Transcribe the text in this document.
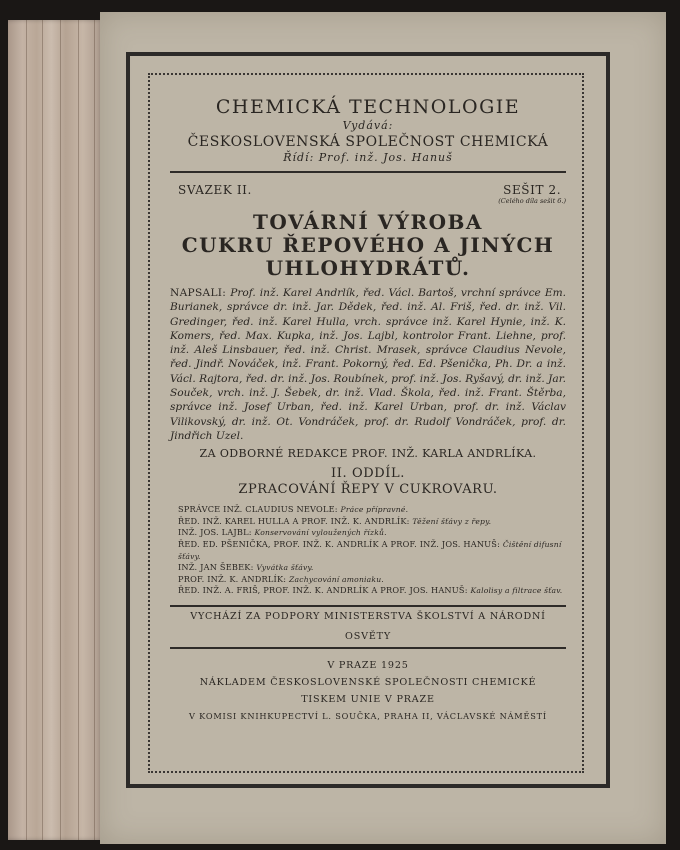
CHEMICKÁ TECHNOLOGIE
Vydává:
ČESKOSLOVENSKÁ SPOLEČNOST CHEMICKÁ
Řídí: Prof. inž. Jos. Hanuš
SVAZEK II.	SEŠIT 2.
(Celého díla sešit 6.)
TOVÁRNÍ VÝROBA
CUKRU ŘEPOVÉHO A JINÝCH
UHLOHYDRÁTŮ.
NAPSALI: Prof. inž. Karel Andrlík, řed. Václ. Bartoš, vrchní správce Em. Burianek, správce dr. inž. Jar. Dědek, řed. inž. Al. Friš, řed. dr. inž. Vil. Gredinger, řed. inž. Karel Hulla, vrch. správce inž. Karel Hynie, inž. K. Komers, řed. Max. Kupka, inž. Jos. Lajbl, kontrolor Frant. Liehne, prof. inž. Aleš Linsbauer, řed. inž. Christ. Mrasek, správce Claudius Nevole, řed. Jindř. Nováček, inž. Frant. Pokorný, řed. Ed. Pšenička, Ph. Dr. a inž. Václ. Rajtora, řed. dr. inž. Jos. Roubínek, prof. inž. Jos. Ryšavý, dr. inž. Jar. Souček, vrch. inž. J. Šebek, dr. inž. Vlad. Škola, řed. inž. Frant. Štěrba, správce inž. Josef Urban, řed. inž. Karel Urban, prof. dr. inž. Václav Vilikovský, dr. inž. Ot. Vondráček, prof. dr. Rudolf Vondráček, prof. dr. Jindřich Uzel.
ZA ODBORNÉ REDAKCE PROF. INŽ. KARLA ANDRLÍKA.
II. ODDÍL.
ZPRACOVÁNÍ ŘEPY V CUKROVARU.
SPRÁVCE INŽ. CLAUDIUS NEVOLE: Práce přípravné.
ŘED. INŽ. KAREL HULLA A PROF. INŽ. K. ANDRLÍK: Těžení šťávy z řepy.
INŽ. JOS. LAJBL: Konservování vyloužených řízků.
ŘED. ED. PŠENIČKA, PROF. INŽ. K. ANDRLÍK A PROF. INŽ. JOS. HANUŠ: Čištění difusní šťávy.
INŽ. JAN ŠEBEK: Vyvátka šťávy.
PROF. INŽ. K. ANDRLÍK: Zachycování amoniaku.
ŘED. INŽ. A. FRIŠ, PROF. INŽ. K. ANDRLÍK A PROF. JOS. HANUŠ: Kalolisy a filtrace šťav.
VYCHÁZÍ ZA PODPORY MINISTERSTVA ŠKOLSTVÍ A NÁRODNÍ OSVĚTY
V PRAZE 1925
NÁKLADEM ČESKOSLOVENSKÉ SPOLEČNOSTI CHEMICKÉ
TISKEM UNIE V PRAZE
V KOMISI KNIHKUPECTVÍ L. SOUČKA, PRAHA II, VÁCLAVSKÉ NÁMĚSTÍ
